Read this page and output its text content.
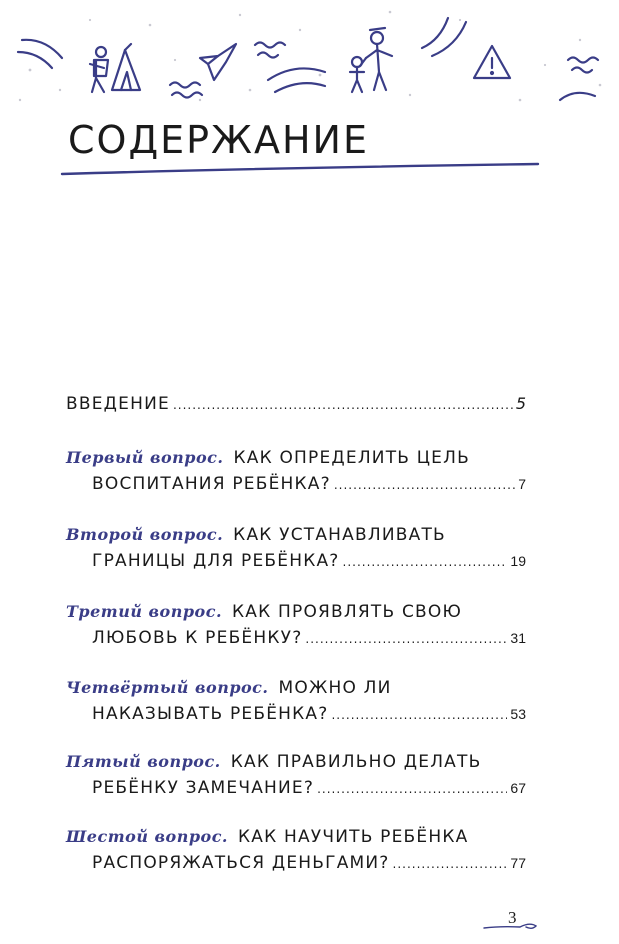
СОДЕРЖАНИЕ
ВВЕДЕНИЕ .....	5
Первый вопрос. КАК ОПРЕДЕЛИТЬ ЦЕЛЬ
ВОСПИТАНИЯ РЕБЁНКА? .....	7
Второй вопрос. КАК УСТАНАВЛИВАТЬ
ГРАНИЦЫ ДЛЯ РЕБЁНКА? .....	19
Третий вопрос. КАК ПРОЯВЛЯТЬ СВОЮ
ЛЮБОВЬ К РЕБЁНКУ? .....	31
Четвёртый вопрос. МОЖНО ЛИ
НАКАЗЫВАТЬ РЕБЁНКА? .....	53
Пятый вопрос. КАК ПРАВИЛЬНО ДЕЛАТЬ
РЕБЁНКУ ЗАМЕЧАНИЕ? .....	67
Шестой вопрос. КАК НАУЧИТЬ РЕБЁНКА
РАСПОРЯЖАТЬСЯ ДЕНЬГАМИ? .....	77
3
